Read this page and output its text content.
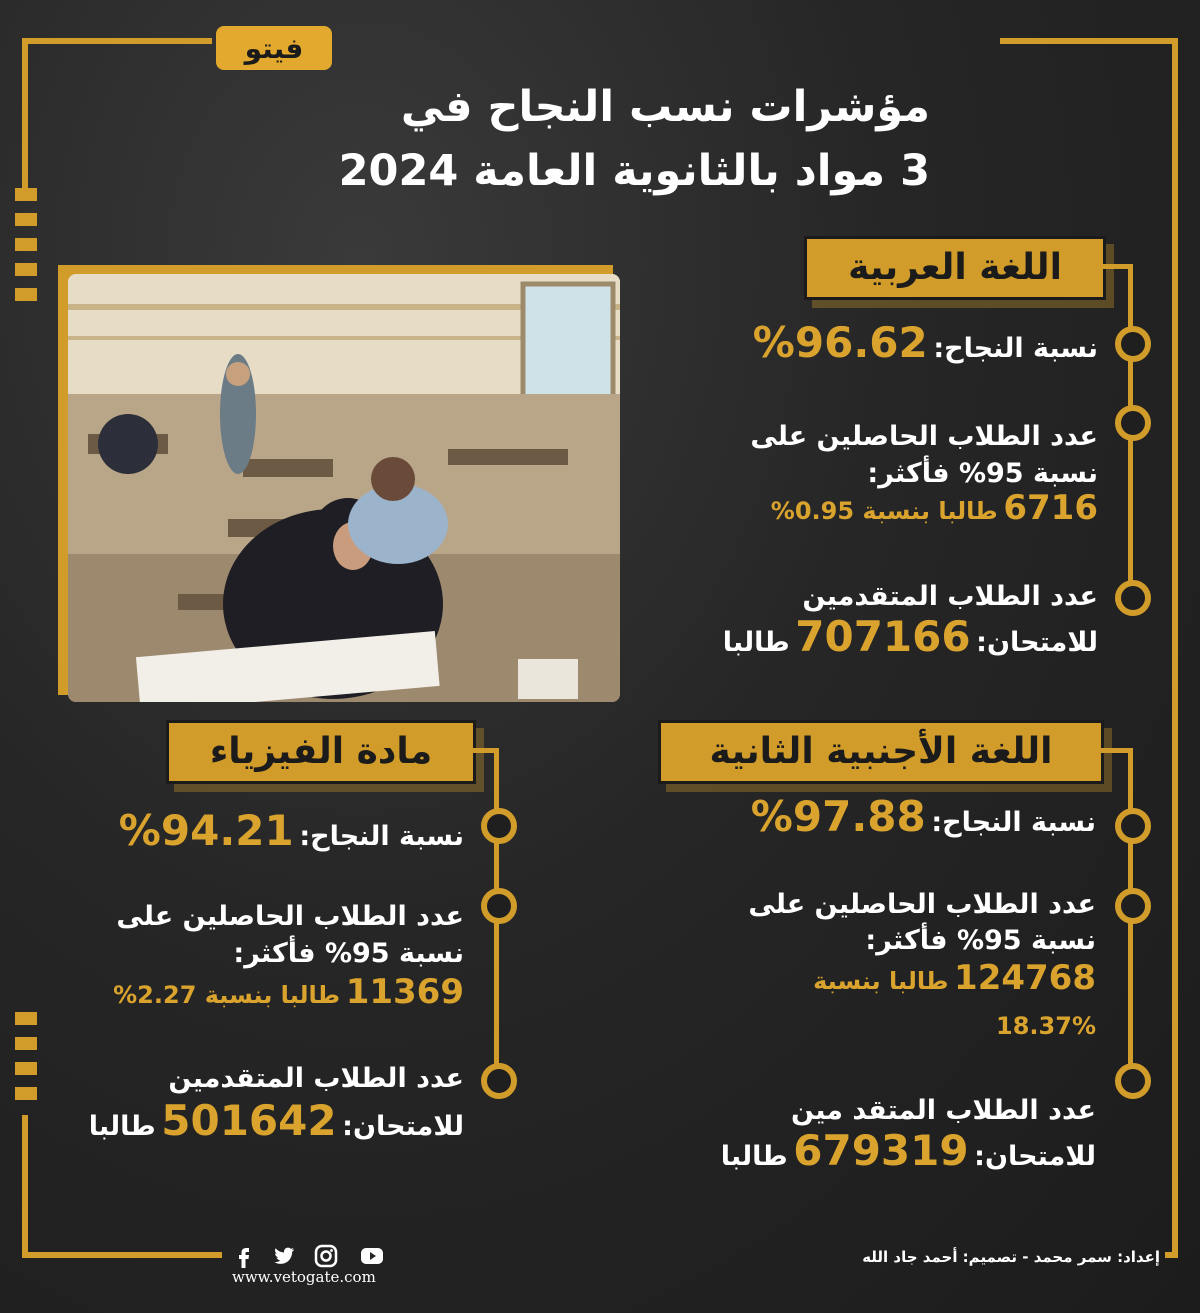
فيتو
مؤشرات نسب النجاح في
3 مواد بالثانوية العامة 2024
اللغة العربية
نسبة النجاح: 96.62%
عدد الطلاب الحاصلين على
نسبة 95% فأكثر:
6716 طالبا بنسبة 0.95%
عدد الطلاب المتقدمين
للامتحان: 707166 طالبا
اللغة الأجنبية الثانية
نسبة النجاح: 97.88%
عدد الطلاب الحاصلين على
نسبة 95% فأكثر:
124768 طالبا بنسبة
18.37%
عدد الطلاب المتقد مين
للامتحان: 679319 طالبا
مادة الفيزياء
نسبة النجاح: 94.21%
عدد الطلاب الحاصلين على
نسبة 95% فأكثر:
11369 طالبا بنسبة 2.27%
عدد الطلاب المتقدمين
للامتحان: 501642 طالبا
إعداد: سمر محمد - تصميم: أحمد جاد الله
www.vetogate.com
